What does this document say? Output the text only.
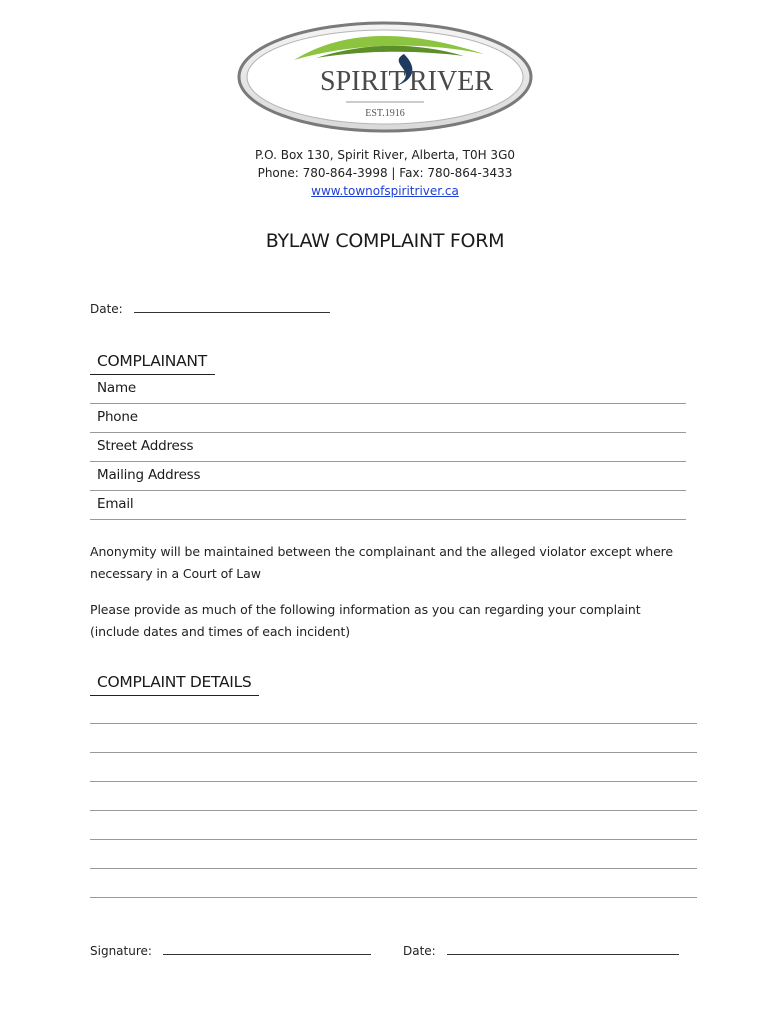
SPIRIT RIVER
EST.1916
P.O. Box 130, Spirit River, Alberta, T0H 3G0
Phone: 780-864-3998 | Fax: 780-864-3433
www.townofspiritriver.ca
BYLAW COMPLAINT FORM
Date:
COMPLAINANT
Name
Phone
Street Address
Mailing Address
Email
Anonymity will be maintained between the complainant and the alleged violator except where necessary in a Court of Law
Please provide as much of the following information as you can regarding your complaint (include dates and times of each incident)
COMPLAINT DETAILS
Signature:	Date:
